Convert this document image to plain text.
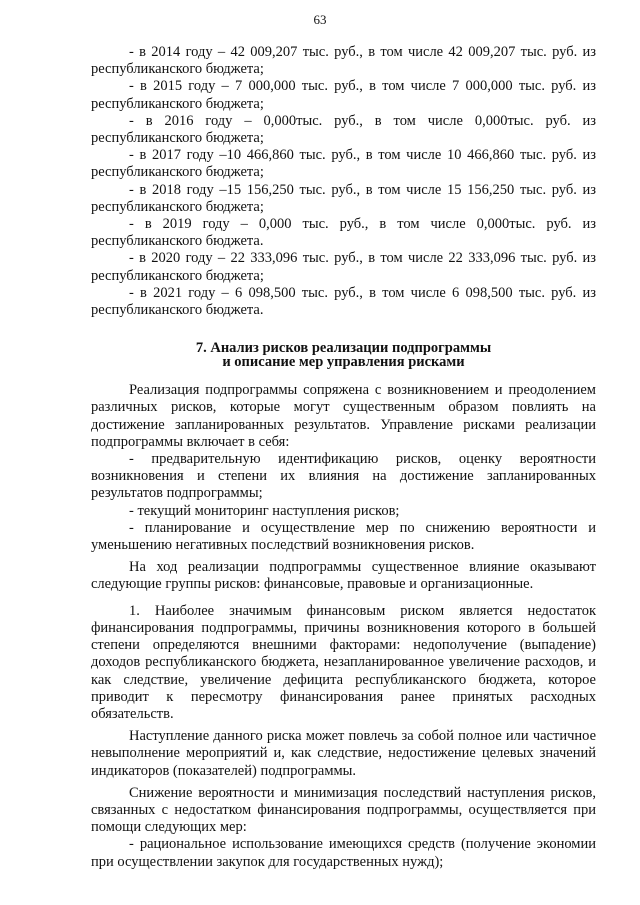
63

- в 2014 году – 42 009,207 тыс. руб., в том числе 42 009,207 тыс. руб. из республиканского бюджета;

- в 2015 году – 7 000,000 тыс. руб., в том числе 7 000,000 тыс. руб. из республиканского бюджета;

- в 2016 году – 0,000тыс. руб., в том числе 0,000тыс. руб. из республиканского бюджета;

- в 2017 году –10 466,860 тыс. руб., в том числе 10 466,860 тыс. руб. из республиканского бюджета;

- в 2018 году –15 156,250 тыс. руб., в том числе 15 156,250 тыс. руб. из республиканского бюджета;

- в 2019 году – 0,000 тыс. руб., в том числе 0,000тыс. руб. из республиканского бюджета.

- в 2020 году – 22 333,096 тыс. руб., в том числе 22 333,096 тыс. руб. из республиканского бюджета;

- в 2021 году – 6 098,500 тыс. руб., в том числе 6 098,500 тыс. руб. из республиканского бюджета.

7. Анализ рисков реализации подпрограммы
и описание мер управления рисками

Реализация подпрограммы сопряжена с возникновением и преодолением различных рисков, которые могут существенным образом повлиять на достижение запланированных результатов. Управление рисками реализации подпрограммы включает в себя:

- предварительную идентификацию рисков, оценку вероятности возникновения и степени их влияния на достижение запланированных результатов подпрограммы;

- текущий мониторинг наступления рисков;

- планирование и осуществление мер по снижению вероятности и уменьшению негативных последствий возникновения рисков.

На ход реализации подпрограммы существенное влияние оказывают следующие группы рисков: финансовые, правовые и организационные.

1. Наиболее значимым финансовым риском является недостаток финансирования подпрограммы, причины возникновения которого в большей степени определяются внешними факторами: недополучение (выпадение) доходов республиканского бюджета, незапланированное увеличение расходов, и как следствие, увеличение дефицита республиканского бюджета, которое приводит к пересмотру финансирования ранее принятых расходных обязательств.

Наступление данного риска может повлечь за собой полное или частичное невыполнение мероприятий и, как следствие, недостижение целевых значений индикаторов (показателей) подпрограммы.

Снижение вероятности и минимизация последствий наступления рисков, связанных с недостатком финансирования подпрограммы, осуществляется при помощи следующих мер:

- рациональное использование имеющихся средств (получение экономии при осуществлении закупок для государственных нужд);
